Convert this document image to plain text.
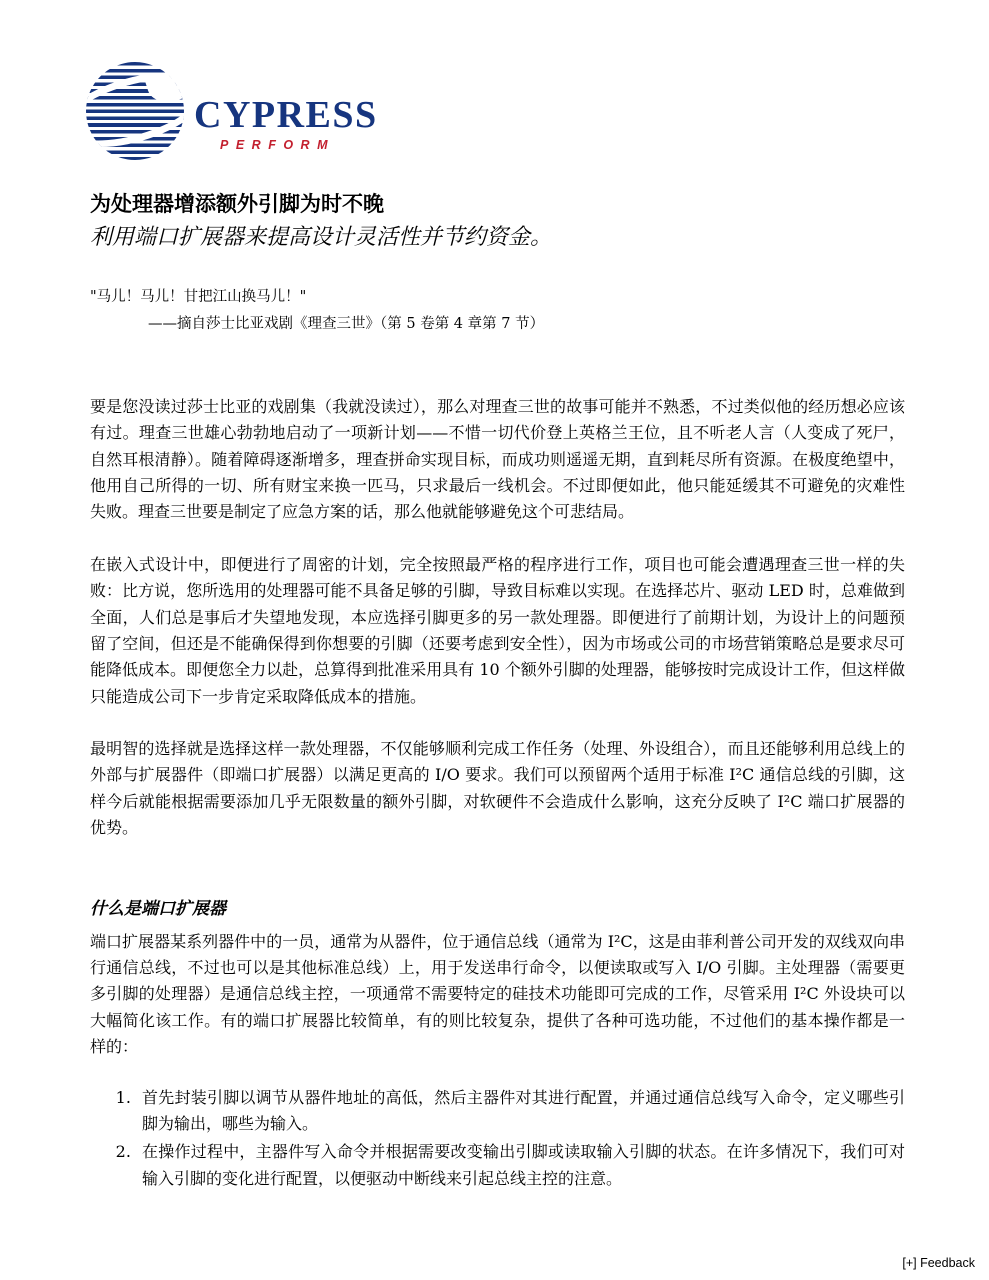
CYPRESS
PERFORM
为处理器增添额外引脚为时不晚
利用端口扩展器来提高设计灵活性并节约资金。

"马儿！马儿！甘把江山换马儿！"

——摘自莎士比亚戏剧《理查三世》（第 5 卷第 4 章第 7 节）

要是您没读过莎士比亚的戏剧集（我就没读过），那么对理查三世的故事可能并不熟悉，不过类似他的经历想必应该有过。理查三世雄心勃勃地启动了一项新计划——不惜一切代价登上英格兰王位，且不听老人言（人变成了死尸，自然耳根清静）。随着障碍逐渐增多，理查拼命实现目标，而成功则遥遥无期，直到耗尽所有资源。在极度绝望中，他用自己所得的一切、所有财宝来换一匹马，只求最后一线机会。不过即便如此，他只能延缓其不可避免的灾难性失败。理查三世要是制定了应急方案的话，那么他就能够避免这个可悲结局。

在嵌入式设计中，即便进行了周密的计划，完全按照最严格的程序进行工作，项目也可能会遭遇理查三世一样的失败：比方说，您所选用的处理器可能不具备足够的引脚，导致目标难以实现。在选择芯片、驱动 LED 时，总难做到全面，人们总是事后才失望地发现，本应选择引脚更多的另一款处理器。即便进行了前期计划，为设计上的问题预留了空间，但还是不能确保得到你想要的引脚（还要考虑到安全性），因为市场或公司的市场营销策略总是要求尽可能降低成本。即便您全力以赴，总算得到批准采用具有 10 个额外引脚的处理器，能够按时完成设计工作，但这样做只能造成公司下一步肯定采取降低成本的措施。

最明智的选择就是选择这样一款处理器，不仅能够顺利完成工作任务（处理、外设组合），而且还能够利用总线上的外部与扩展器件（即端口扩展器）以满足更高的 I/O 要求。我们可以预留两个适用于标准 I²C 通信总线的引脚，这样今后就能根据需要添加几乎无限数量的额外引脚，对软硬件不会造成什么影响，这充分反映了 I²C 端口扩展器的优势。

什么是端口扩展器

端口扩展器某系列器件中的一员，通常为从器件，位于通信总线（通常为 I²C，这是由菲利普公司开发的双线双向串行通信总线，不过也可以是其他标准总线）上，用于发送串行命令，以便读取或写入 I/O 引脚。主处理器（需要更多引脚的处理器）是通信总线主控，一项通常不需要特定的硅技术功能即可完成的工作，尽管采用 I²C 外设块可以大幅简化该工作。有的端口扩展器比较简单，有的则比较复杂，提供了各种可选功能，不过他们的基本操作都是一样的：

1. 首先封装引脚以调节从器件地址的高低，然后主器件对其进行配置，并通过通信总线写入命令，定义哪些引脚为输出，哪些为输入。
2. 在操作过程中，主器件写入命令并根据需要改变输出引脚或读取输入引脚的状态。在许多情况下，我们可对输入引脚的变化进行配置，以便驱动中断线来引起总线主控的注意。
[+] Feedback
